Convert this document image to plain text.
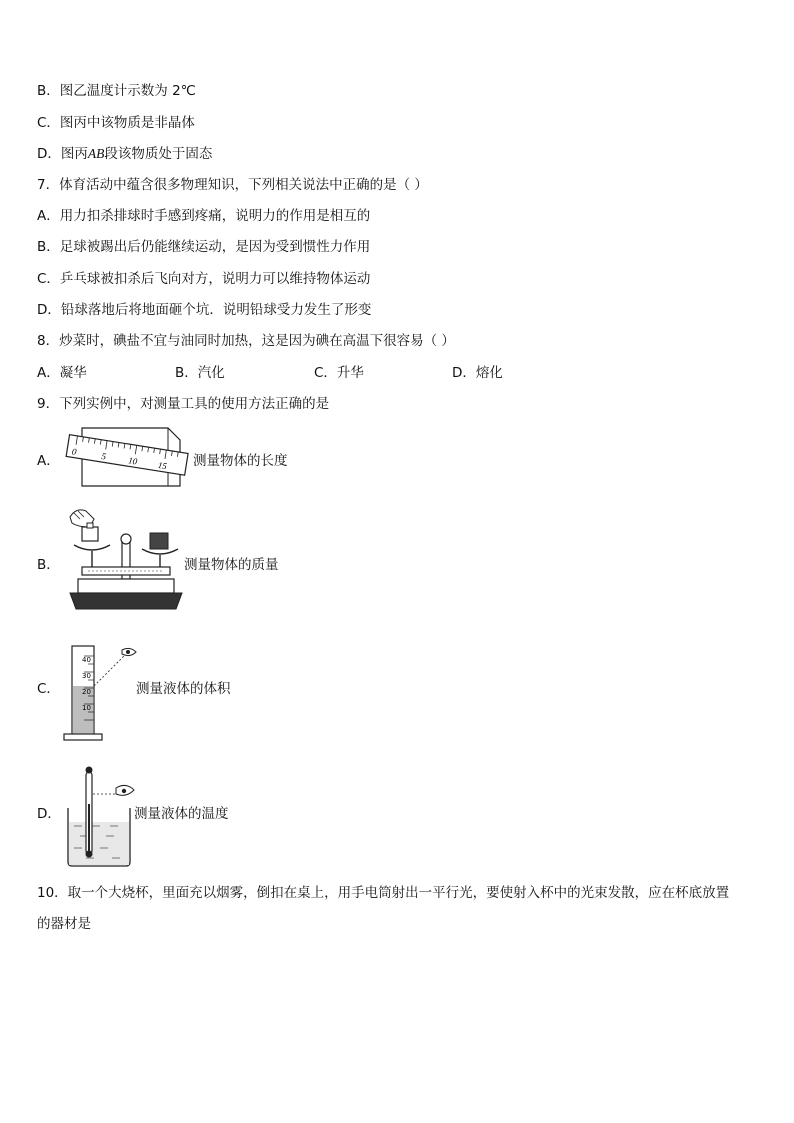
B．图乙温度计示数为 2℃
C．图丙中该物质是非晶体
D．图丙AB段该物质处于固态
7．体育活动中蕴含很多物理知识，下列相关说法中正确的是（ ）
A．用力扣杀排球时手感到疼痛，说明力的作用是相互的
B．足球被踢出后仍能继续运动，是因为受到惯性力作用
C．乒乓球被扣杀后飞向对方，说明力可以维持物体运动
D．铅球落地后将地面砸个坑．说明铅球受力发生了形变
8．炒菜时，碘盐不宜与油同时加热，这是因为碘在高温下很容易（ ）
A．凝华	B．汽化	C．升华	D．熔化
9．下列实例中，对测量工具的使用方法正确的是
A．
0	5 10 15 测量物体的长度
B．	测量物体的质量
C．
40
30
20
10
测量液体的体积
D．	测量液体的温度
10．取一个大烧杯，里面充以烟雾，倒扣在桌上，用手电筒射出一平行光，要使射入杯中的光束发散，应在杯底放置
的器材是
